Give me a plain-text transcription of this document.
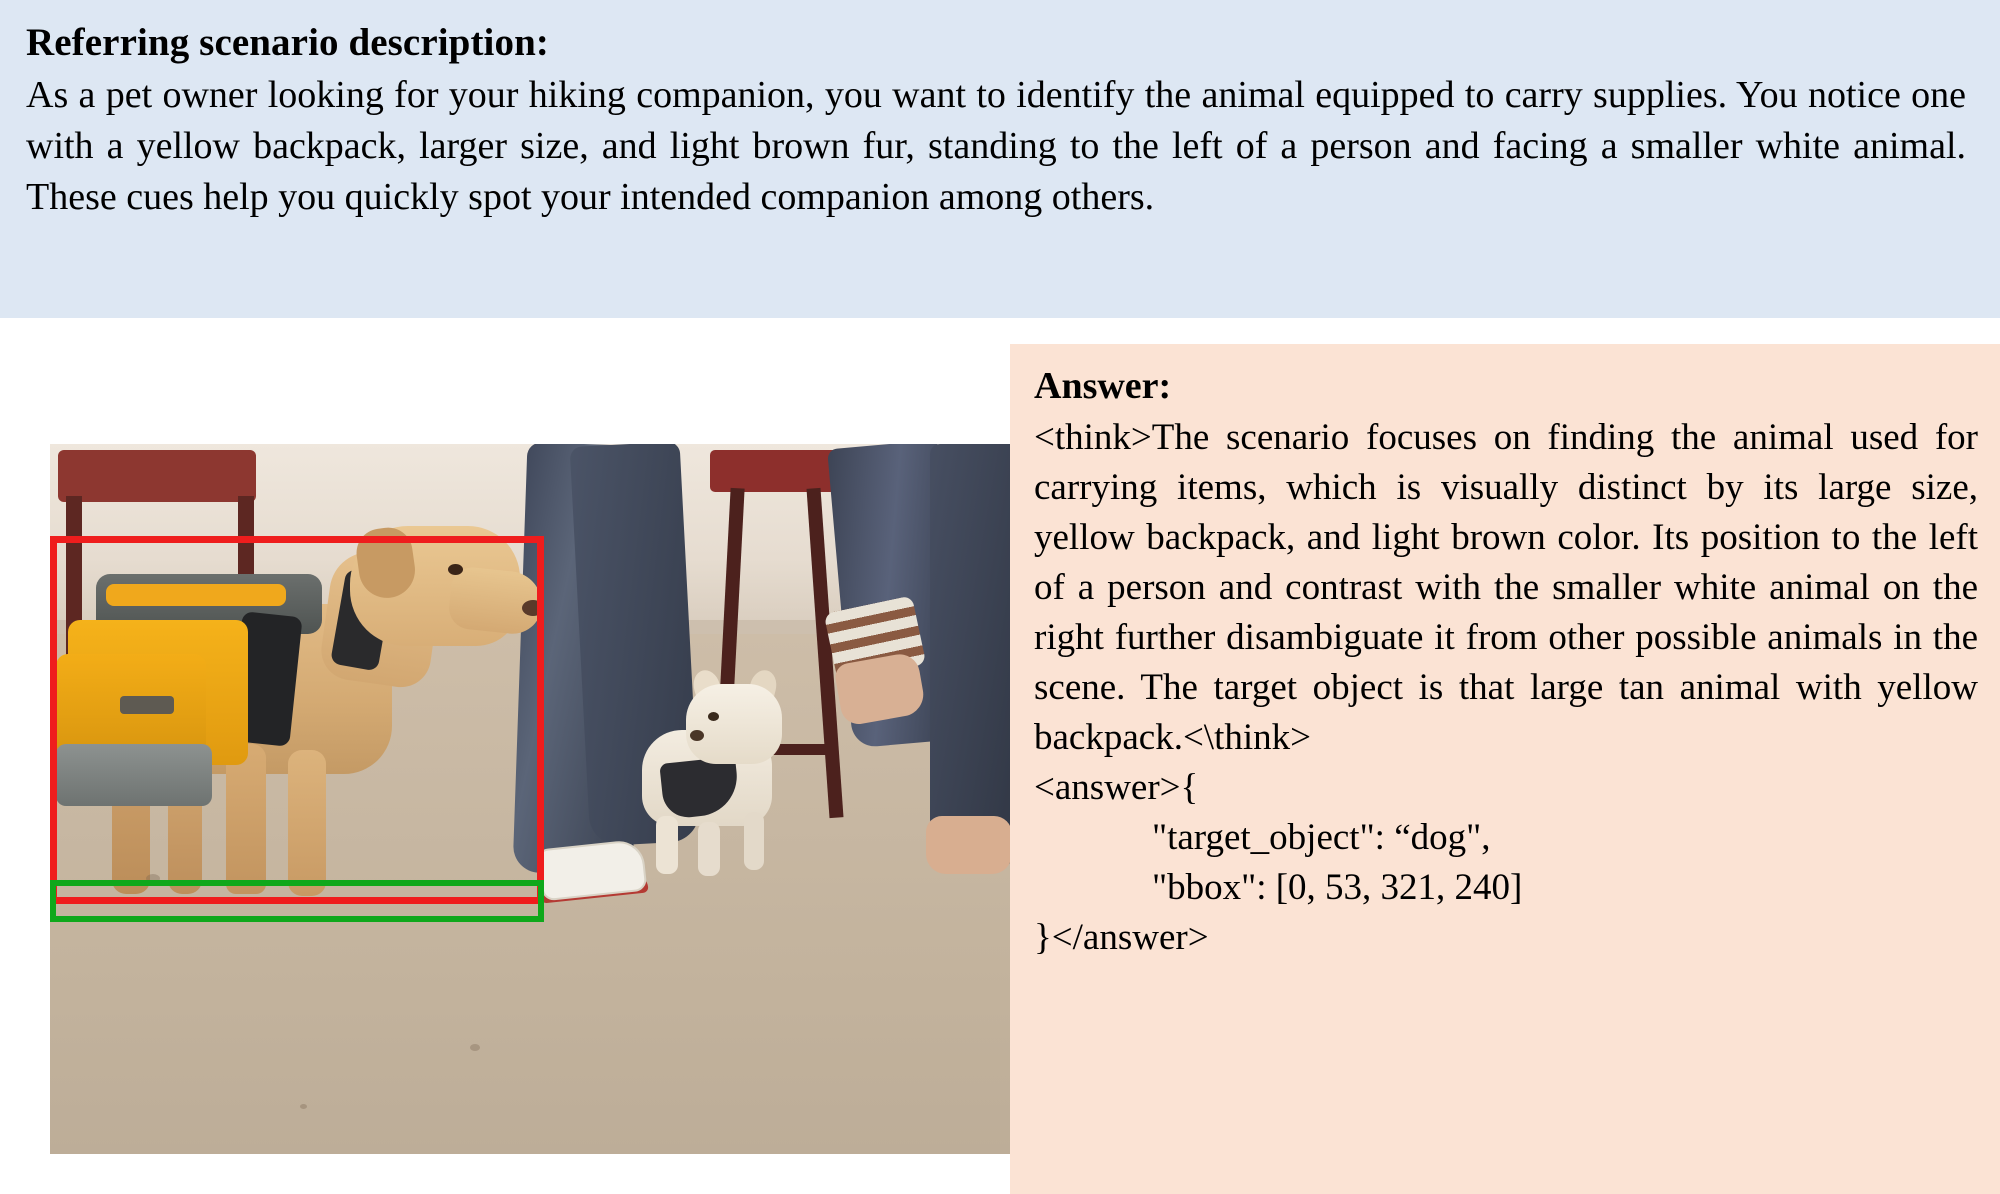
Referring scenario description:

As a pet owner looking for your hiking companion, you want to identify the animal equipped to carry supplies. You notice one with a yellow backpack, larger size, and light brown fur, standing to the left of a person and facing a smaller white animal. These cues help you quickly spot your intended companion among others.

Answer:

<think>The scenario focuses on finding the animal used for carrying items, which is visually distinct by its large size, yellow backpack, and light brown color. Its position to the left of a person and contrast with the smaller white animal on the right further disambiguate it from other possible animals in the scene. The target object is that large tan animal with yellow backpack.<\think>

<answer>{

"target_object": “dog",

"bbox": [0, 53, 321, 240]

}</answer>
